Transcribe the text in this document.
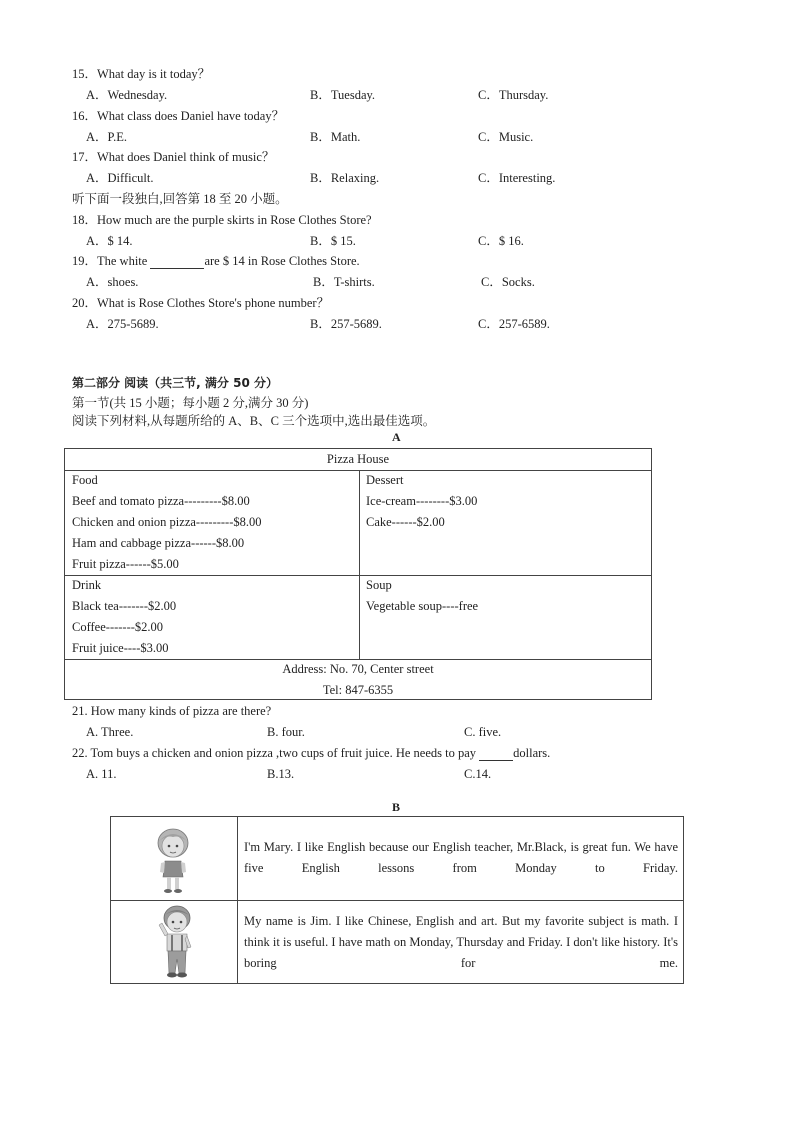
15．What day is it today？
A．Wednesday.	B．Tuesday.	C．Thursday.
16．What class does Daniel have today？
A．P.E.	B．Math.	C．Music.
17．What does Daniel think of music？
A．Difficult.	B．Relaxing.	C．Interesting.
听下面一段独白,回答第 18 至 20 小题。
18．How much are the purple skirts in Rose Clothes Store?
A．$ 14.	B．$ 15.	C．$ 16.
19．The white	are $ 14 in Rose Clothes Store.
A．shoes.	B．T-shirts.	C．Socks.
20．What is Rose Clothes Store's phone number？
A．275-5689.	B．257-5689.	C．257-6589.
第二部分 阅读（共三节, 满分 50 分）
第一节(共 15 小题；每小题 2 分,满分 30 分)
阅读下列材料,从每题所给的 A、B、C 三个选项中,选出最佳选项。
A
Pizza House
Food
Beef and tomato pizza---------$8.00
Chicken and onion pizza---------$8.00
Ham and cabbage pizza------$8.00
Fruit pizza------$5.00
Dessert
Ice-cream--------$3.00
Cake------$2.00
Drink
Black tea-------$2.00
Coffee-------$2.00
Fruit juice----$3.00
Soup
Vegetable soup----free
Address: No. 70, Center street
Tel: 847-6355
21. How many kinds of pizza are there?
A. Three.	B. four.	C. five.
22. Tom buys a chicken and onion pizza ,two cups of fruit juice. He needs to pay	dollars.
A. 11.	B.13.	C.14.
B
I'm Mary. I like English because our English teacher, Mr.Black, is great fun. We have five English lessons from Monday to Friday.
My name is Jim. I like Chinese, English and art. But my favorite subject is math. I think it is useful. I have math on Monday, Thursday and Friday. I don't like history. It's boring for me.
